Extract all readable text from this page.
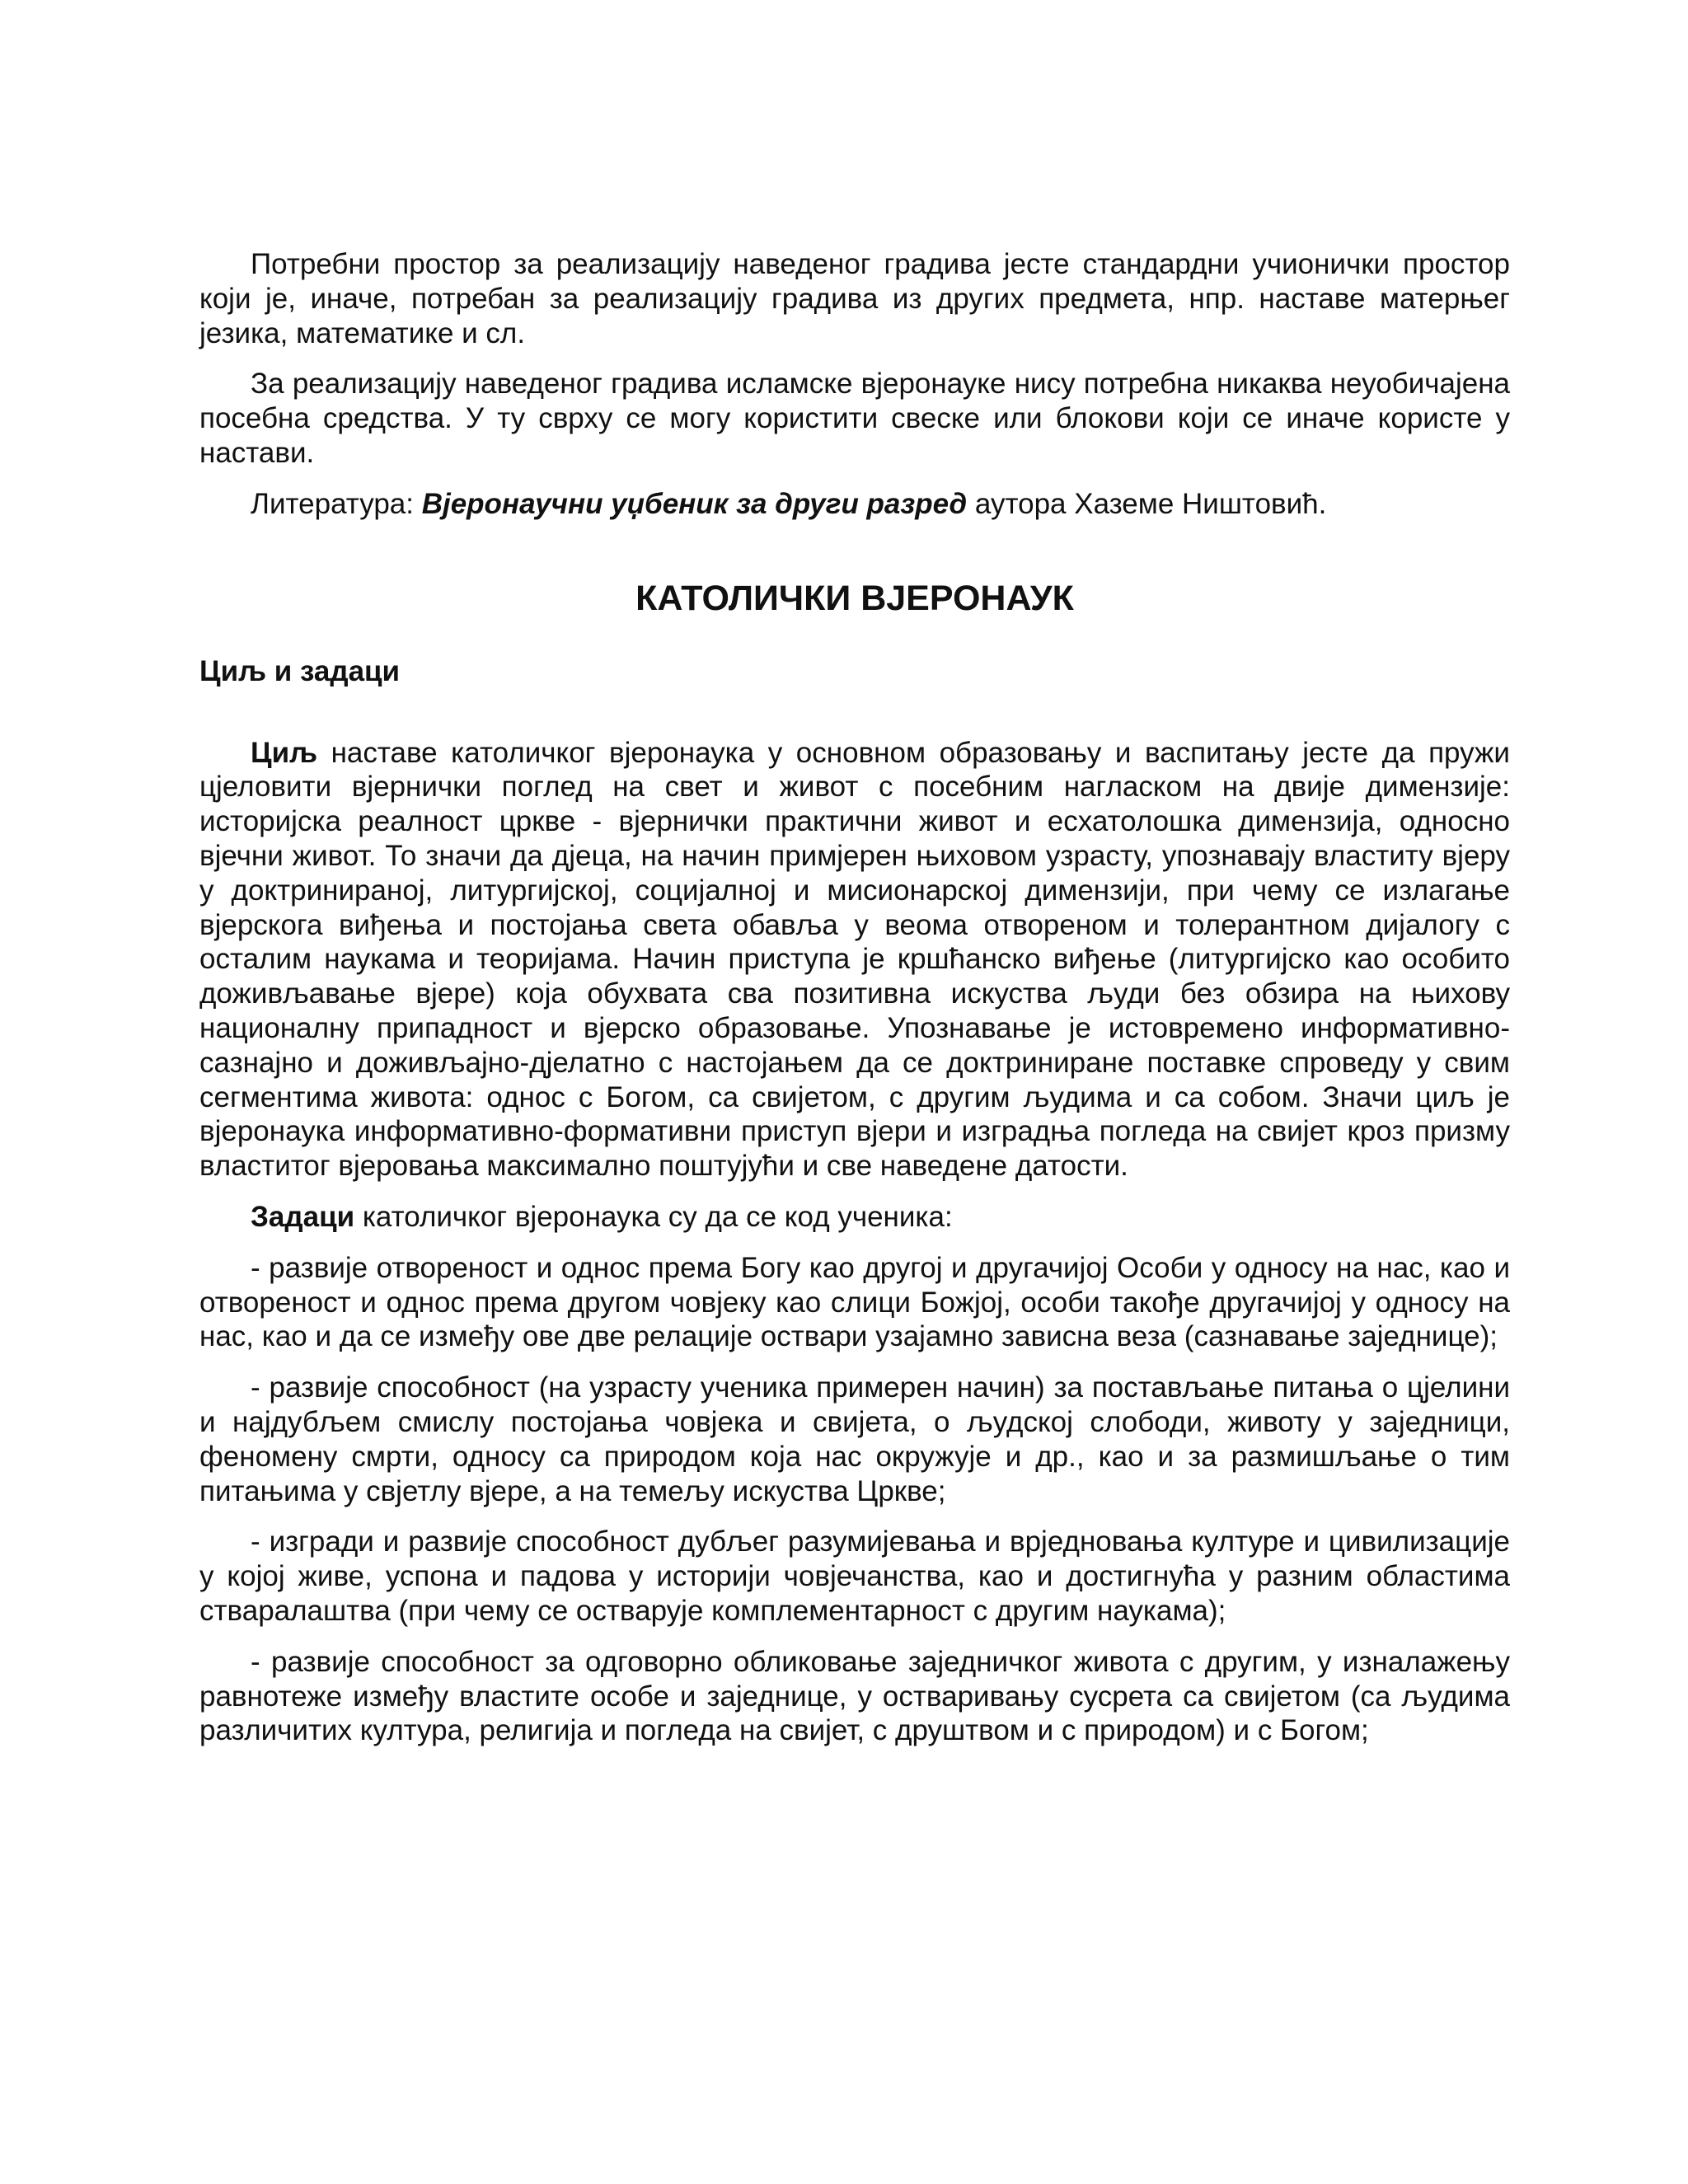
Потребни простор за реализацију наведеног градива јесте стандардни учионички простор који је, иначе, потребан за реализацију градива из других предмета, нпр. наставе матерњег језика, математике и сл.

За реализацију наведеног градива исламске вјеронауке нису потребна никаква неуобичајена посебна средства. У ту сврху се могу користити свеске или блокови који се иначе користе у настави.

Литература: Вјеронаучни уџбеник за други разред аутора Хаземе Ништовић.

КАТОЛИЧКИ ВЈЕРОНАУК
Циљ и задаци

Циљ наставе католичког вјеронаука у основном образовању и васпитању јесте да пружи цјеловити вјернички поглед на свет и живот с посебним нагласком на двије димензије: историјска реалност цркве - вјернички практични живот и есхатолошка димензија, односно вјечни живот. То значи да дјеца, на начин примјерен њиховом узрасту, упознавају властиту вјеру у доктринираној, литургијској, социјалној и мисионарској димензији, при чему се излагање вјерскога виђења и постојања света обавља у веома отвореном и толерантном дијалогу с осталим наукама и теоријама. Начин приступа је кршћанско виђење (литургијско као особито доживљавање вјере) која обухвата сва позитивна искуства људи без обзира на њихову националну припадност и вјерско образовање. Упознавање је истовремено информативно-сазнајно и доживљајно-дјелатно с настојањем да се доктриниране поставке спроведу у свим сегментима живота: однос с Богом, са свијетом, с другим људима и са собом. Значи циљ је вјеронаука информативно-формативни приступ вјери и изградња погледа на свијет кроз призму властитог вјеровања максимално поштујући и све наведене датости.

Задаци католичког вјеронаука су да се код ученика:

- развије отвореност и однос према Богу као другој и другачијој Особи у односу на нас, као и отвореност и однос према другом човјеку као слици Божјој, особи такође другачијој у односу на нас, као и да се између ове две релације оствари узајамно зависна веза (сазнавање заједнице);

- развије способност (на узрасту ученика примерен начин) за постављање питања о цјелини и најдубљем смислу постојања човјека и свијета, о људској слободи, животу у заједници, феномену смрти, односу са природом која нас окружује и др., као и за размишљање о тим питањима у свјетлу вјере, а на темељу искуства Цркве;

- изгради и развије способност дубљег разумијевања и врједновања културе и цивилизације у којој живе, успона и падова у историји човјечанства, као и достигнућа у разним областима стваралаштва (при чему се остварује комплементарност с другим наукама);

- развије способност за одговорно обликовање заједничког живота с другим, у изналажењу равнотеже између властите особе и заједнице, у остваривању сусрета са свијетом (са људима различитих култура, религија и погледа на свијет, с друштвом и с природом) и с Богом;
